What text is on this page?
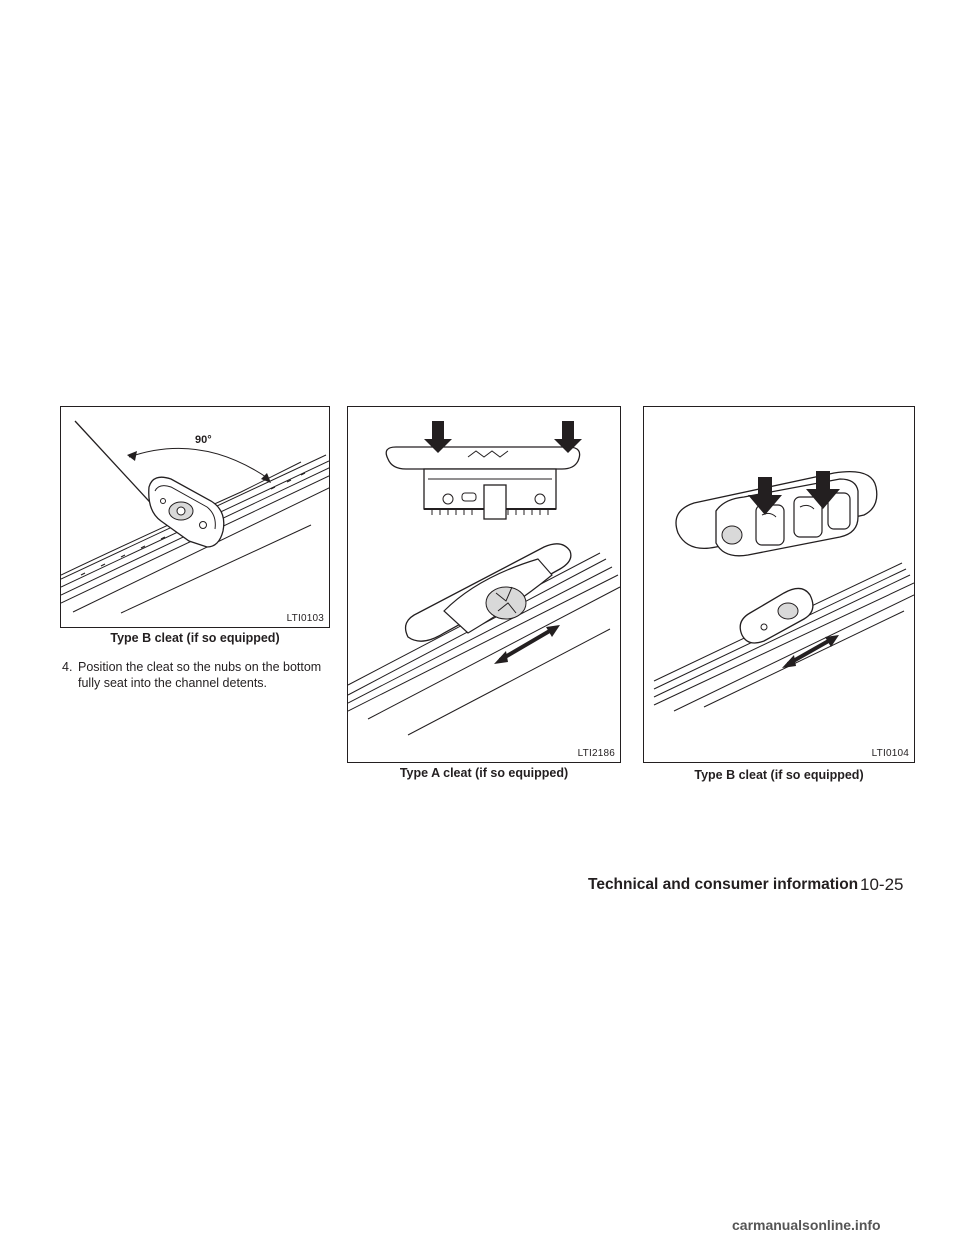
90°
LTI0103
Type B cleat (if so equipped)
4. Position the cleat so the nubs on the bottom
fully seat into the channel detents.
LTI2186
Type A cleat (if so equipped)
LTI0104
Type B cleat (if so equipped)
Technical and consumer information 10-25
carmanualsonline.info
